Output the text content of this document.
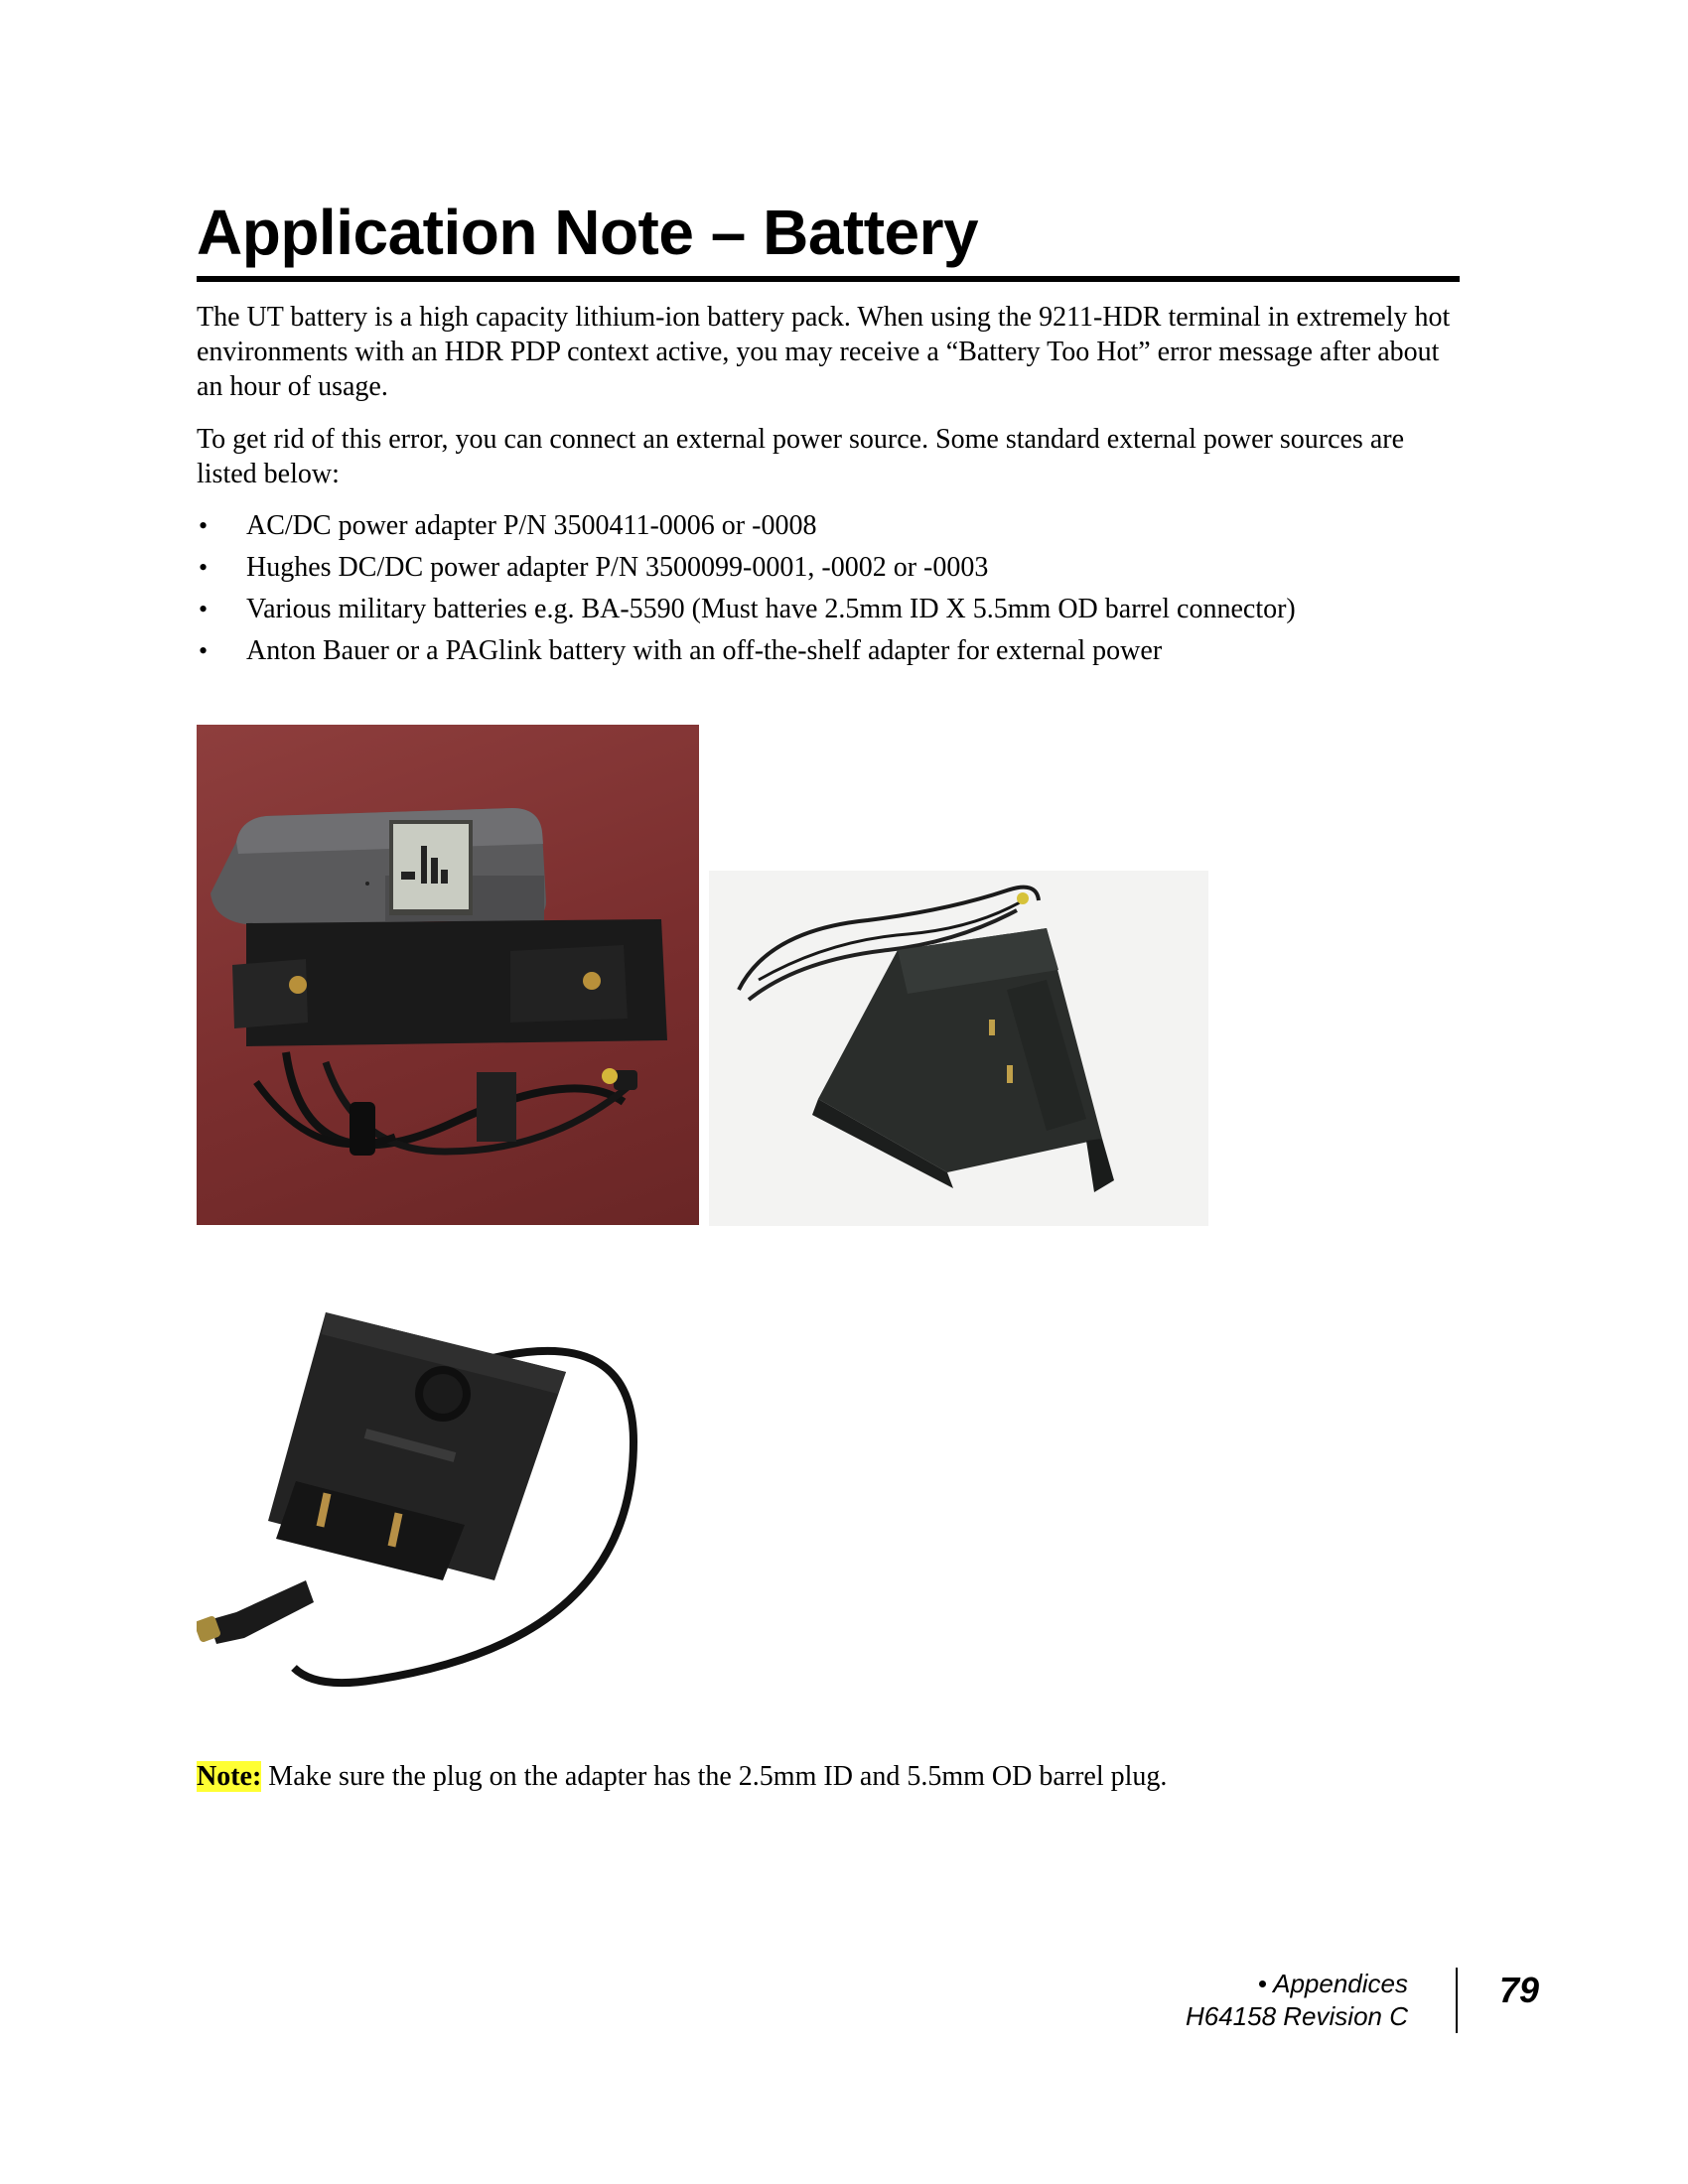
Application Note – Battery

The UT battery is a high capacity lithium-ion battery pack. When using the 9211-HDR terminal in extremely hot environments with an HDR PDP context active, you may receive a “Battery Too Hot” error message after about an hour of usage.

To get rid of this error, you can connect an external power source. Some standard external power sources are listed below:

• AC/DC power adapter P/N 3500411-0006 or -0008
• Hughes DC/DC power adapter P/N 3500099-0001, -0002 or -0003
• Various military batteries e.g. BA-5590 (Must have 2.5mm ID X 5.5mm OD barrel connector)
• Anton Bauer or a PAGlink battery with an off-the-shelf adapter for external power

Note: Make sure the plug on the adapter has the 2.5mm ID and 5.5mm OD barrel plug.

• Appendices
H64158 Revision C
79
